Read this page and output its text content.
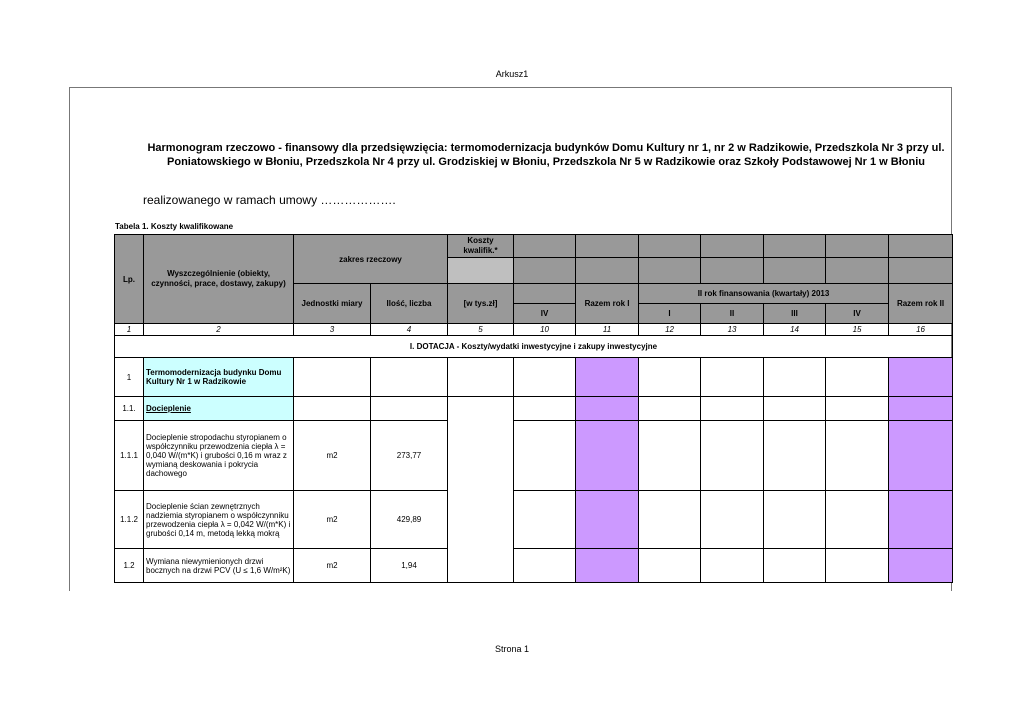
Arkusz1
Harmonogram rzeczowo - finansowy dla przedsięwzięcia: termomodernizacja budynków Domu Kultury nr 1, nr 2 w Radzikowie, Przedszkola Nr 3 przy ul. Poniatowskiego w Błoniu, Przedszkola Nr 4 przy ul. Grodziskiej w Błoniu, Przedszkola Nr 5 w Radzikowie oraz Szkoły Podstawowej Nr 1 w Błoniu
realizowanego w ramach umowy ……………….
Tabela 1. Koszty kwalifikowane
Lp.	Wyszczególnienie (obiekty, czynności, prace, dostawy, zakupy)	zakres rzeczowy		Koszty kwalifik.*							

		Jednostki miary	Ilość, liczba	[w tys.zł]		Razem rok I	II rok finansowania (kwartały) 2013				Razem rok II
					IV		I	II	III	IV	
1	2	3	4	5	10	11	12	13	14	15	16
I. DOTACJA - Koszty/wydatki inwestycyjne i zakupy inwestycyjne											
1	Termomodernizacja budynku Domu Kultury Nr 1 w Radzikowie										
1.1.	Docieplenie										
1.1.1	Docieplenie stropodachu styropianem o współczynniku przewodzenia ciepła λ = 0,040 W/(m*K) i grubości 0,16 m wraz z wymianą deskowania i pokrycia dachowego	m2	273,77								
1.1.2	Docieplenie ścian zewnętrznych nadziemia styropianem o współczynniku przewodzenia ciepła λ = 0,042 W/(m*K) i grubości 0,14 m, metodą lekką mokrą	m2	429,89								
1.2	Wymiana niewymienionych drzwi bocznych na drzwi PCV (U ≤ 1,6 W/m²K)	m2	1,94								
Strona 1
